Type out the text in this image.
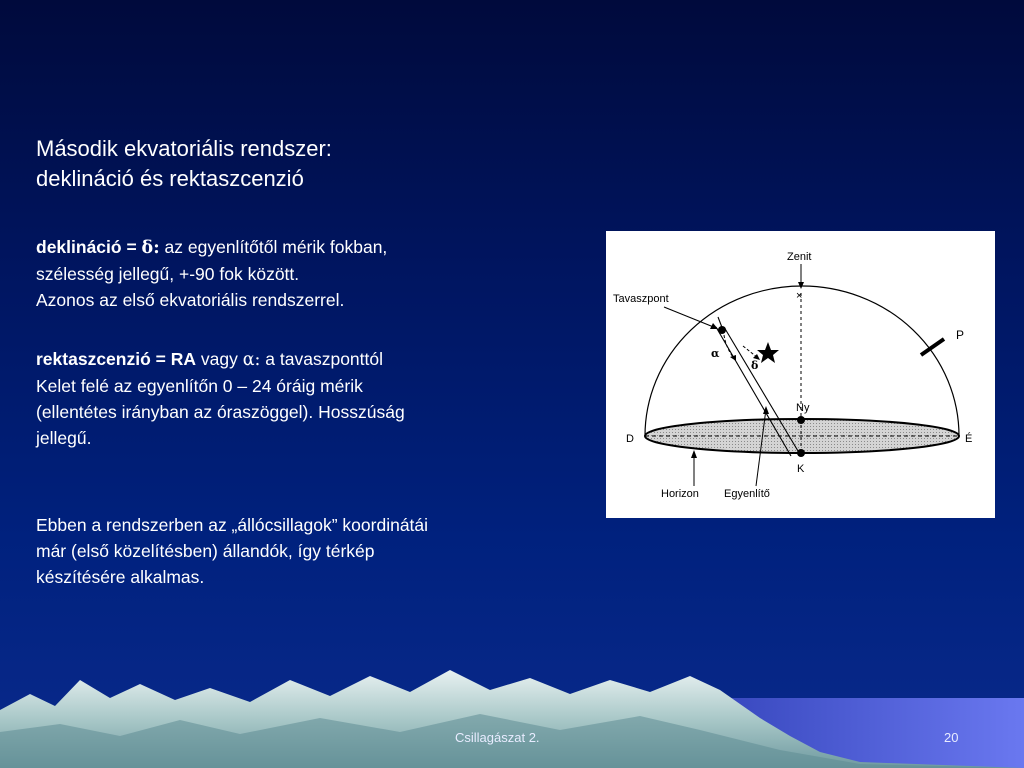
Második ekvatoriális rendszer:
deklináció és rektaszcenzió
deklináció = δ: az egyenlítőtől mérik fokban,
szélesség jellegű, +-90 fok között.
Azonos az első ekvatoriális rendszerrel.
rektaszcenzió = RA vagy α: a tavaszponttól
Kelet felé az egyenlítőn 0 – 24 óráig mérik
(ellentétes irányban az óraszöggel). Hosszúság
jellegű.
Ebben a rendszerben az „állócsillagok” koordinátái
már (első közelítésben) állandók, így térkép
készítésére alkalmas.
×
Zenit
Tavaszpont
P
Ny
D	É
K
α
δ
Horizon Egyenlítő
Csillagászat 2.	20
